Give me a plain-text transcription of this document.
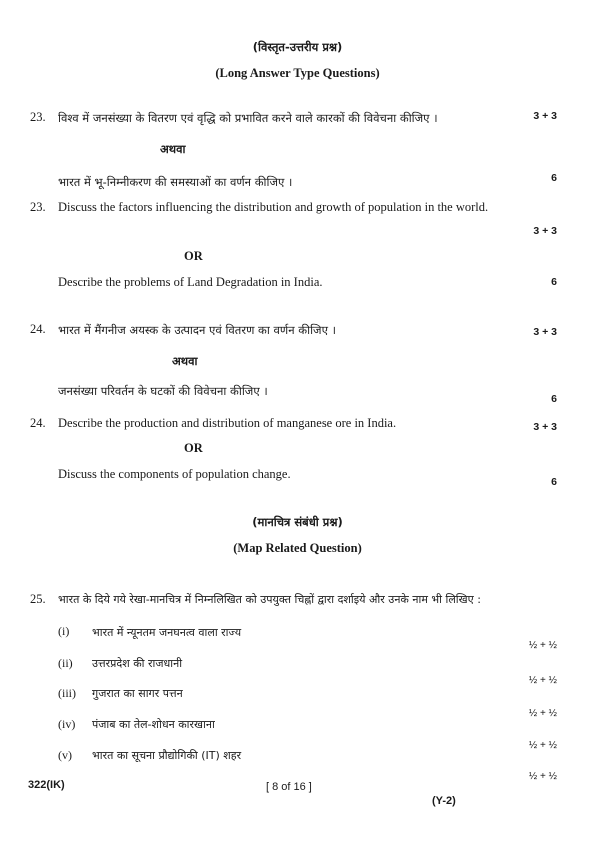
(विस्तृत-उत्तरीय प्रश्न)
(Long Answer Type Questions)
23. विश्व में जनसंख्या के वितरण एवं वृद्धि को प्रभावित करने वाले कारकों की विवेचना कीजिए ।	3 + 3
अथवा
भारत में भू-निम्नीकरण की समस्याओं का वर्णन कीजिए ।	6
23. Discuss the factors influencing the distribution and growth of population in the world.
3 + 3
OR
Describe the problems of Land Degradation in India.	6
24. भारत में मैंगनीज अयस्क के उत्पादन एवं वितरण का वर्णन कीजिए ।	3 + 3
अथवा
जनसंख्या परिवर्तन के घटकों की विवेचना कीजिए ।
6
24. Describe the production and distribution of manganese ore in India.	3 + 3
OR
Discuss the components of population change.
6
(मानचित्र संबंधी प्रश्न)
(Map Related Question)
25. भारत के दिये गये रेखा-मानचित्र में निम्नलिखित को उपयुक्त चिह्नों द्वारा दर्शाइये और उनके नाम भी लिखिए :
(i) भारत में न्यूनतम जनघनत्व वाला राज्य
½ + ½
(ii) उत्तरप्रदेश की राजधानी
½ + ½
(iii) गुजरात का सागर पत्तन
½ + ½
(iv) पंजाब का तेल-शोधन कारखाना
½ + ½
(v) भारत का सूचना प्रौद्योगिकी (IT) शहर
½ + ½
322(IK)	[ 8 of 16 ]
(Y-2)
